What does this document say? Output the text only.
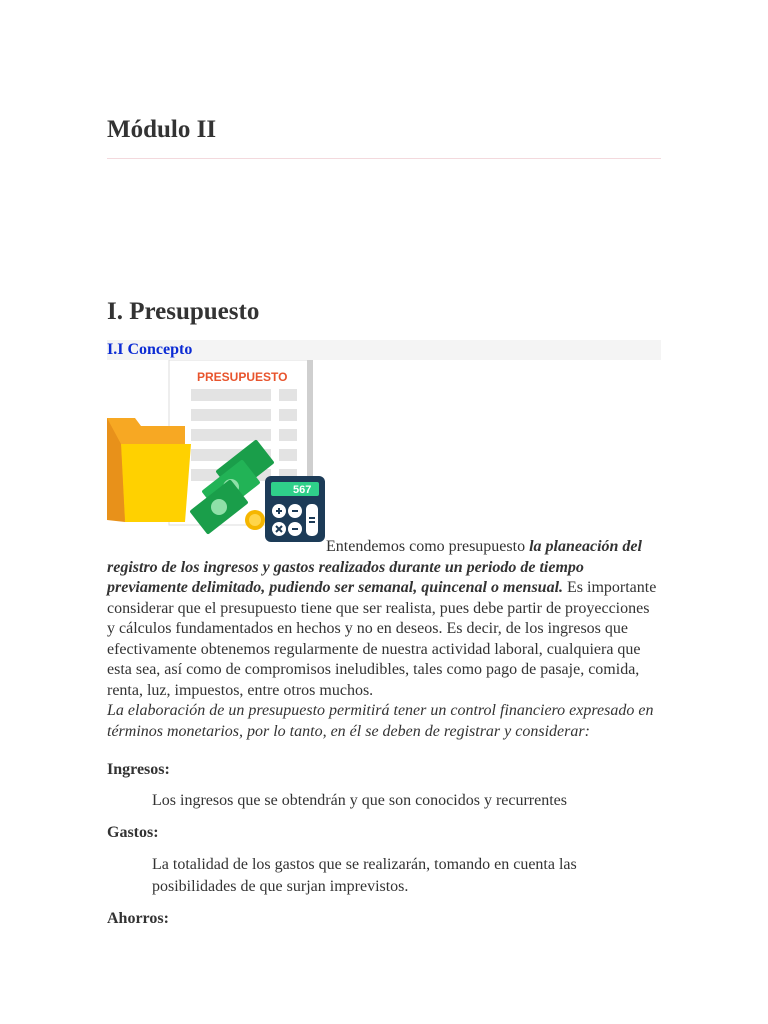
Módulo II
I. Presupuesto
I.I Concepto
PRESUPUESTO
567
Entendemos como presupuesto la planeación del registro de los ingresos y gastos realizados durante un periodo de tiempo previamente delimitado, pudiendo ser semanal, quincenal o mensual. Es importante considerar que el presupuesto tiene que ser realista, pues debe partir de proyecciones y cálculos fundamentados en hechos y no en deseos. Es decir, de los ingresos que efectivamente obtenemos regularmente de nuestra actividad laboral, cualquiera que esta sea, así como de compromisos ineludibles, tales como pago de pasaje, comida, renta, luz, impuestos, entre otros muchos.
La elaboración de un presupuesto permitirá tener un control financiero expresado en términos monetarios, por lo tanto, en él se deben de registrar y considerar:
Ingresos:
Los ingresos que se obtendrán y que son conocidos y recurrentes
Gastos:
La totalidad de los gastos que se realizarán, tomando en cuenta las posibilidades de que surjan imprevistos.
Ahorros:
